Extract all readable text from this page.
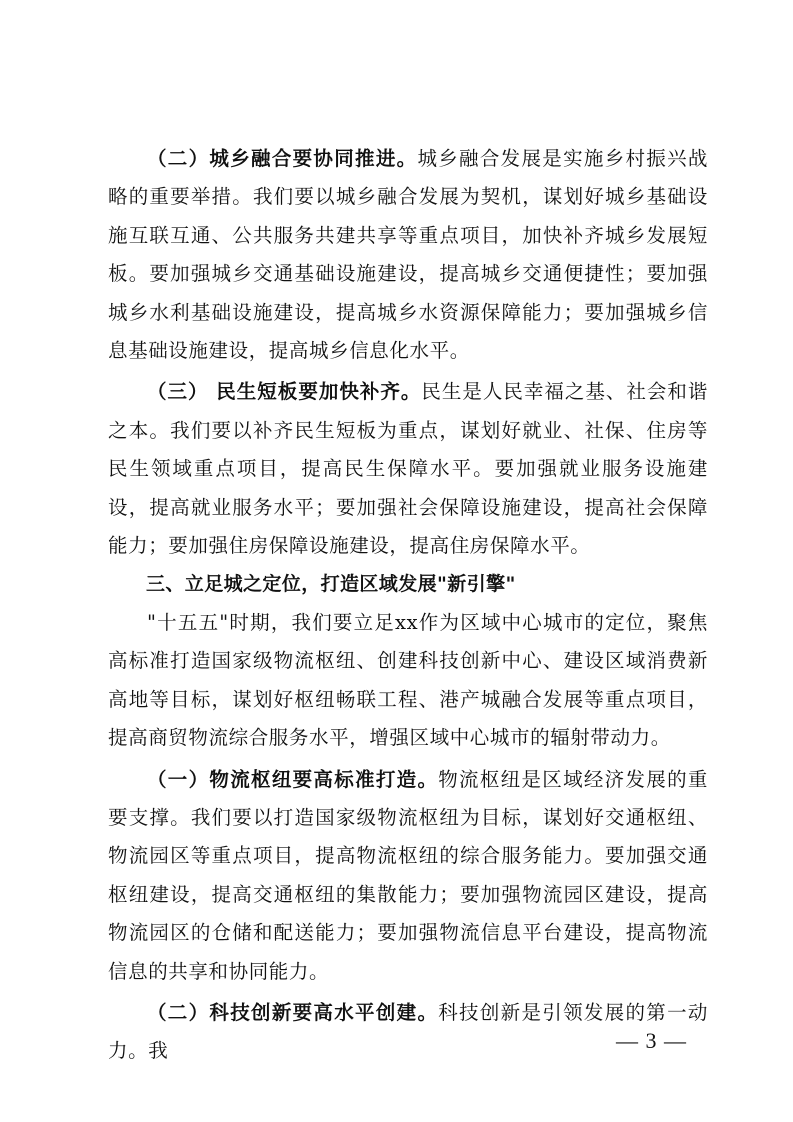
（二）城乡融合要协同推进。城乡融合发展是实施乡村振兴战略的重要举措。我们要以城乡融合发展为契机，谋划好城乡基础设施互联互通、公共服务共建共享等重点项目，加快补齐城乡发展短板。要加强城乡交通基础设施建设，提高城乡交通便捷性；要加强城乡水利基础设施建设，提高城乡水资源保障能力；要加强城乡信息基础设施建设，提高城乡信息化水平。

（三） 民生短板要加快补齐。民生是人民幸福之基、社会和谐之本。我们要以补齐民生短板为重点，谋划好就业、社保、住房等民生领域重点项目，提高民生保障水平。要加强就业服务设施建设，提高就业服务水平；要加强社会保障设施建设，提高社会保障能力；要加强住房保障设施建设，提高住房保障水平。

三、立足城之定位，打造区域发展"新引擎"

"十五五"时期，我们要立足xx作为区域中心城市的定位，聚焦高标准打造国家级物流枢纽、创建科技创新中心、建设区域消费新高地等目标，谋划好枢纽畅联工程、港产城融合发展等重点项目，提高商贸物流综合服务水平，增强区域中心城市的辐射带动力。

（一）物流枢纽要高标准打造。物流枢纽是区域经济发展的重要支撑。我们要以打造国家级物流枢纽为目标，谋划好交通枢纽、物流园区等重点项目，提高物流枢纽的综合服务能力。要加强交通枢纽建设，提高交通枢纽的集散能力；要加强物流园区建设，提高物流园区的仓储和配送能力；要加强物流信息平台建设，提高物流信息的共享和协同能力。

（二）科技创新要高水平创建。科技创新是引领发展的第一动力。我	— 3 —
